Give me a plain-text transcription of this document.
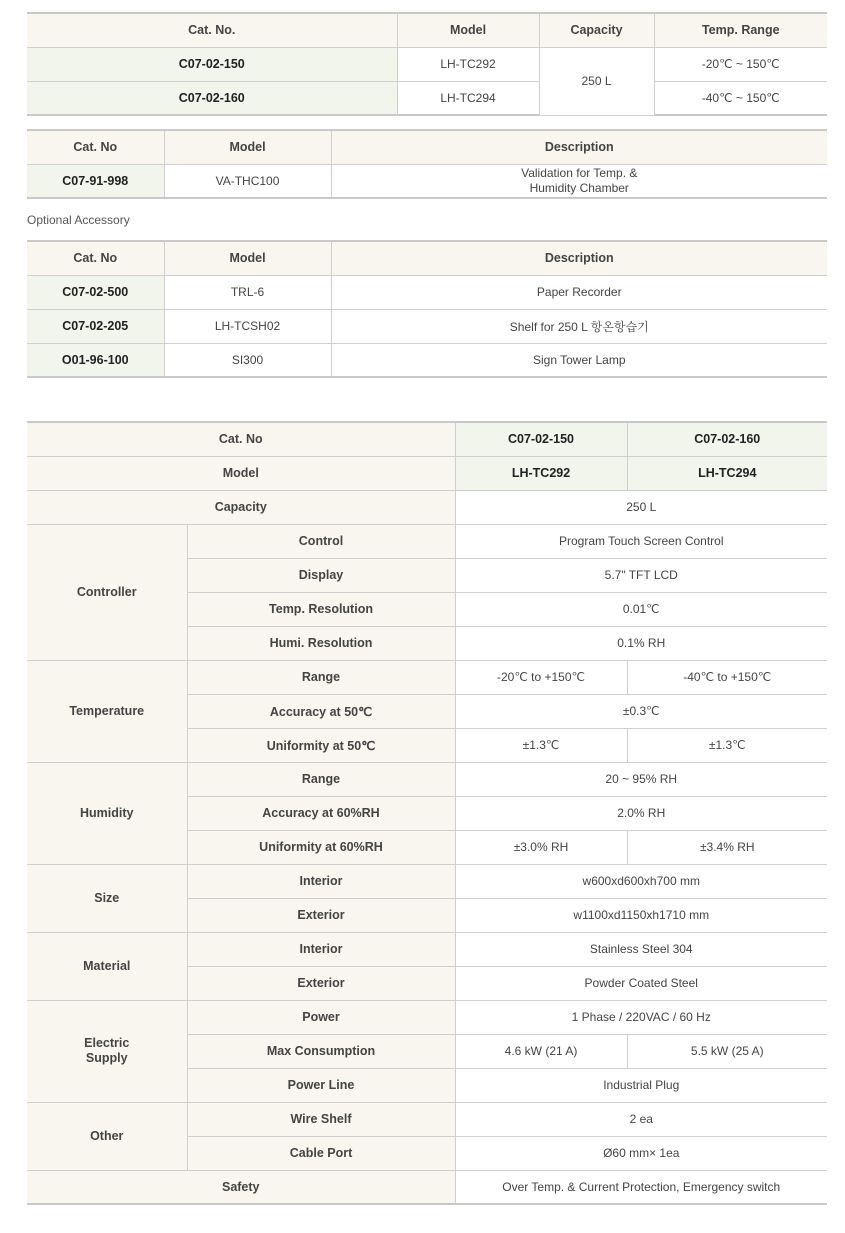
Cat. No.	Model	Capacity	Temp. Range
C07-02-150	LH-TC292	250 L	-20℃ ~ 150℃
C07-02-160	LH-TC294		-40℃ ~ 150℃
Cat. No	Model	Description
C07-91-998	VA-THC100	Validation for Temp. &
Humidity Chamber
Optional Accessory
Cat. No	Model	Description
C07-02-500	TRL-6	Paper Recorder
C07-02-205	LH-TCSH02	Shelf for 250 L 항온항습기
O01-96-100	SI300	Sign Tower Lamp
Cat. No		C07-02-150	C07-02-160
Model		LH-TC292	LH-TC294
Capacity		250 L	
Controller	Control	Program Touch Screen Control	
	Display	5.7" TFT LCD	
	Temp. Resolution	0.01℃	
	Humi. Resolution	0.1% RH	
Temperature	Range	-20℃ to +150℃	-40℃ to +150℃
	Accuracy at 50℃	±0.3℃	
	Uniformity at 50℃	±1.3℃	±1.3℃
Humidity	Range	20 ~ 95% RH	
	Accuracy at 60%RH	2.0% RH	
	Uniformity at 60%RH	±3.0% RH	±3.4% RH
Size	Interior	w600xd600xh700 mm	
	Exterior	w1100xd1150xh1710 mm	
Material	Interior	Stainless Steel 304	
	Exterior	Powder Coated Steel	

Electric
Supply	Power	1 Phase / 220VAC / 60 Hz	
	Max Consumption	4.6 kW (21 A)	5.5 kW (25 A)
	Power Line	Industrial Plug	
Other	Wire Shelf	2 ea	
	Cable Port	Ø60 mm× 1ea	
Safety		Over Temp. & Current Protection, Emergency switch	
